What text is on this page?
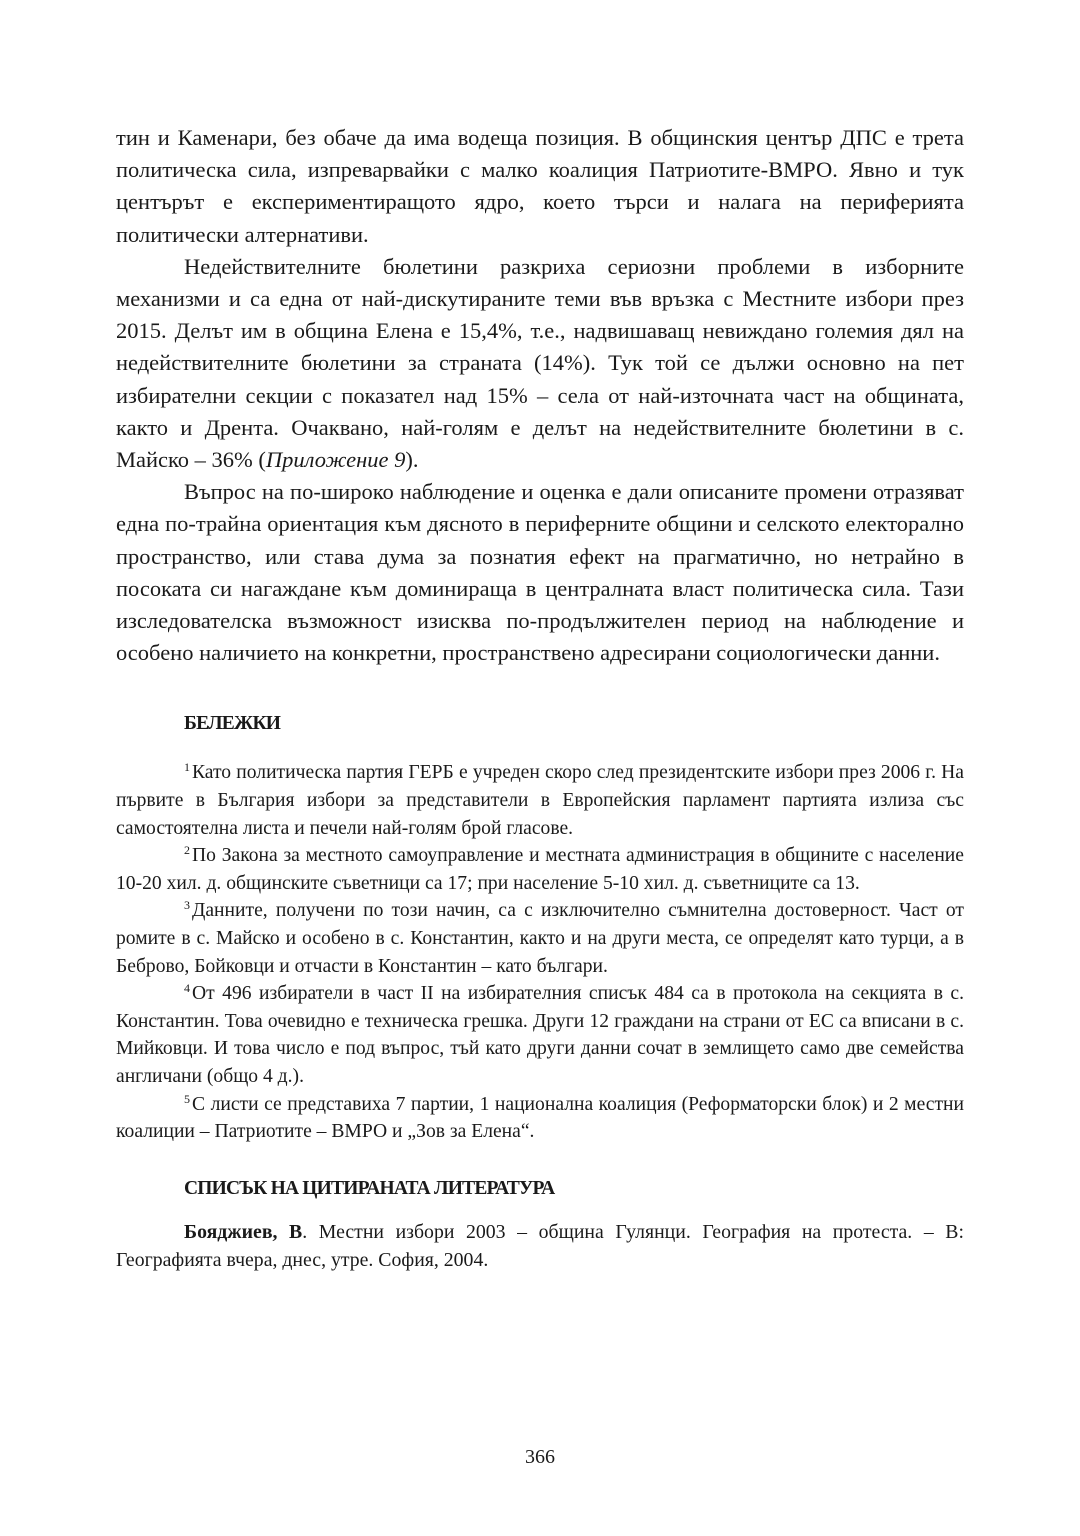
тин и Каменари, без обаче да има водеща позиция. В общинския център ДПС е трета политическа сила, изпреварвайки с малко коалиция Патриотите-ВМРО. Явно и тук центърът е експериментиращото ядро, което търси и налага на периферията политически алтернативи.

Недействителните бюлетини разкриха сериозни проблеми в изборните механизми и са една от най-дискутираните теми във връзка с Местните избори през 2015. Делът им в община Елена е 15,4%, т.е., надвишаващ невиждано големия дял на недействителните бюлетини за страната (14%). Тук той се дължи основно на пет избирателни секции с показател над 15% – села от най-източната част на общината, както и Дрента. Очаквано, най-голям е делът на недействителните бюлетини в с. Майско – 36% (Приложение 9).

Въпрос на по-широко наблюдение и оценка е дали описаните промени отразяват една по-трайна ориентация към дясното в периферните общини и селското електорално пространство, или става дума за познатия ефект на прагматично, но нетрайно в посоката си нагаждане към доминираща в централната власт политическа сила. Тази изследователска възможност изисква по-продължителен период на наблюдение и особено наличието на конкретни, пространствено адресирани социологически данни.

БЕЛЕЖКИ

$^1$ Като политическа партия ГЕРБ е учреден скоро след президентските избори през 2006 г. На първите в България избори за представители в Европейския парламент партията излиза със самостоятелна листа и печели най-голям брой гласове.

$^2$ По Закона за местното самоуправление и местната администрация в общините с население 10-20 хил. д. общинските съветници са 17; при население 5-10 хил. д. съветниците са 13.

$^3$ Данните, получени по този начин, са с изключително съмнителна достоверност. Част от ромите в с. Майско и особено в с. Константин, както и на други места, се определят като турци, а в Беброво, Бойковци и отчасти в Константин – като българи.

$^4$ От 496 избиратели в част II на избирателния списък 484 са в протокола на секцията в с. Константин. Това очевидно е техническа грешка. Други 12 граждани на страни от ЕС са вписани в с. Мийковци. И това число е под въпрос, тъй като други данни сочат в землището само две семейства англичани (общо 4 д.).

$^5$ С листи се представиха 7 партии, 1 национална коалиция (Реформаторски блок) и 2 местни коалиции – Патриотите – ВМРО и „Зов за Елена“.

СПИСЪК НА ЦИТИРАНАТА ЛИТЕРАТУРА

Бояджиев, В. Местни избори 2003 – община Гулянци. География на протеста. – В: Географията вчера, днес, утре. София, 2004.

366
